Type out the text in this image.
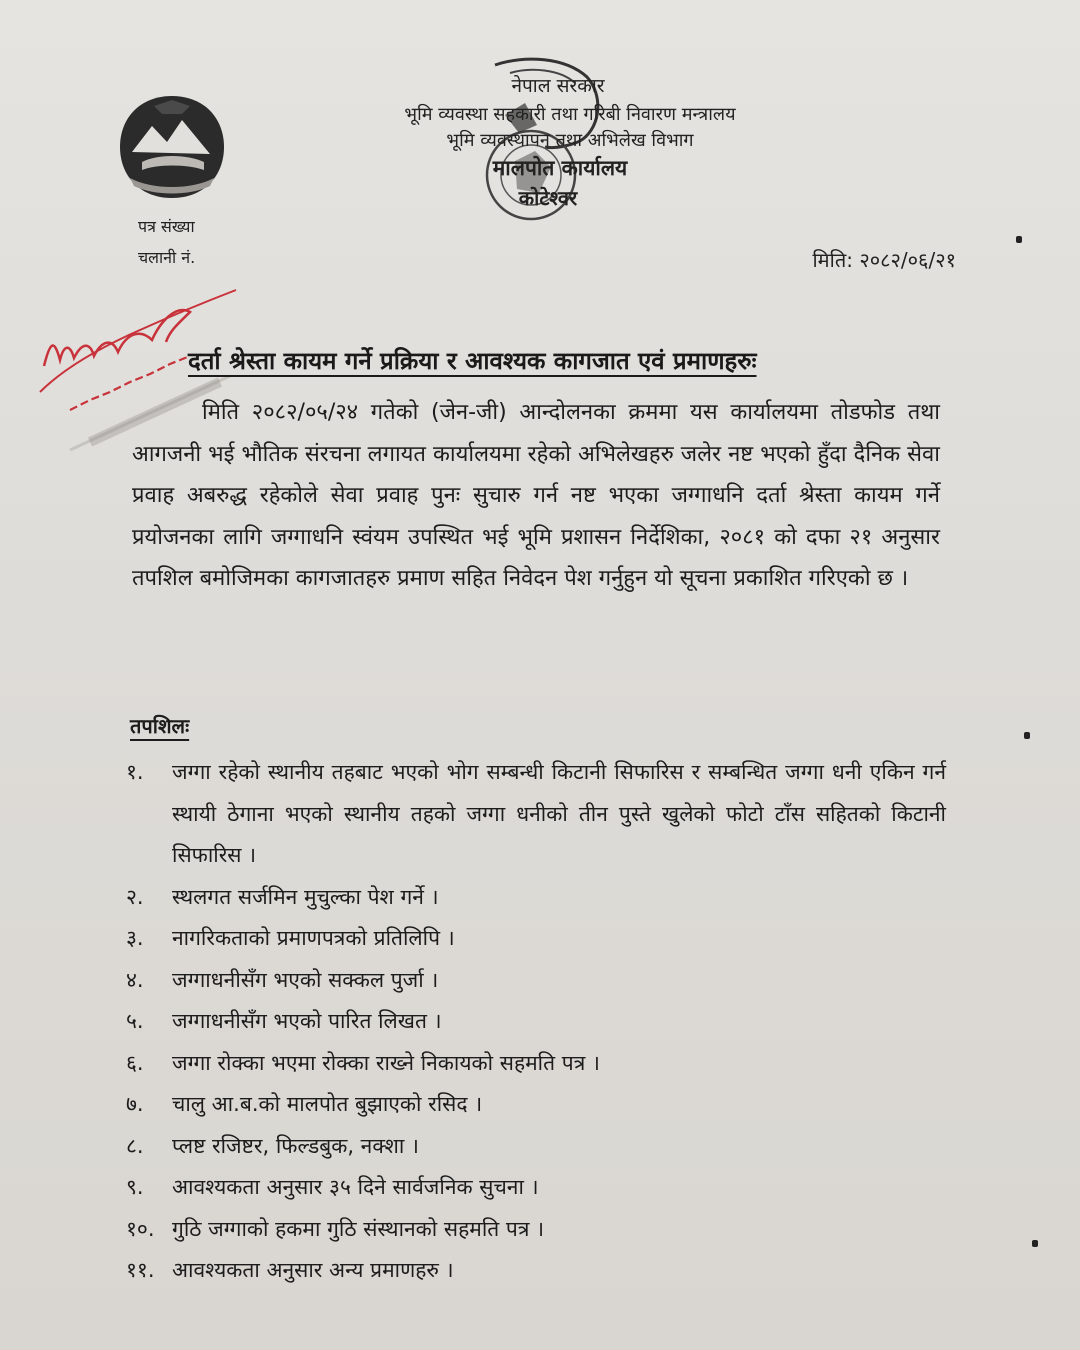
नेपाल सरकार
भूमि व्यवस्था सहकारी तथा गरिबी निवारण मन्त्रालय
भूमि व्यवस्थापन तथा अभिलेख विभाग
मालपोत कार्यालय
कोटेश्वर
पत्र संख्या
चलानी नं.	मिति: २०८२/०६/२१
दर्ता श्रेस्ता कायम गर्ने प्रक्रिया र आवश्यक कागजात एवं प्रमाणहरुः
मिति २०८२/०५/२४ गतेको (जेन-जी) आन्दोलनका क्रममा यस कार्यालयमा तोडफोड तथा आगजनी भई भौतिक संरचना लगायत कार्यालयमा रहेको अभिलेखहरु जलेर नष्ट भएको हुँदा दैनिक सेवा प्रवाह अबरुद्ध रहेकोले सेवा प्रवाह पुनः सुचारु गर्न नष्ट भएका जग्गाधनि दर्ता श्रेस्ता कायम गर्ने प्रयोजनका लागि जग्गाधनि स्वंयम उपस्थित भई भूमि प्रशासन निर्देशिका, २०८१ को दफा २१ अनुसार तपशिल बमोजिमका कागजातहरु प्रमाण सहित निवेदन पेश गर्नुहुन यो सूचना प्रकाशित गरिएको छ ।
तपशिलः
१.	जग्गा रहेको स्थानीय तहबाट भएको भोग सम्बन्धी किटानी सिफारिस र सम्बन्धित जग्गा धनी एकिन गर्न स्थायी ठेगाना भएको स्थानीय तहको जग्गा धनीको तीन पुस्ते खुलेको फोटो टाँस सहितको किटानी सिफारिस ।
२.	स्थलगत सर्जमिन मुचुल्का पेश गर्ने ।
३.	नागरिकताको प्रमाणपत्रको प्रतिलिपि ।
४.	जग्गाधनीसँग भएको सक्कल पुर्जा ।
५.	जग्गाधनीसँग भएको पारित लिखत ।
६.	जग्गा रोक्का भएमा रोक्का राख्ने निकायको सहमति पत्र ।
७.	चालु आ.ब.को मालपोत बुझाएको रसिद ।
८.	प्लष्ट रजिष्टर, फिल्डबुक, नक्शा ।
९.	आवश्यकता अनुसार ३५ दिने सार्वजनिक सुचना ।
१०. गुठि जग्गाको हकमा गुठि संस्थानको सहमति पत्र ।
११. आवश्यकता अनुसार अन्य प्रमाणहरु ।
